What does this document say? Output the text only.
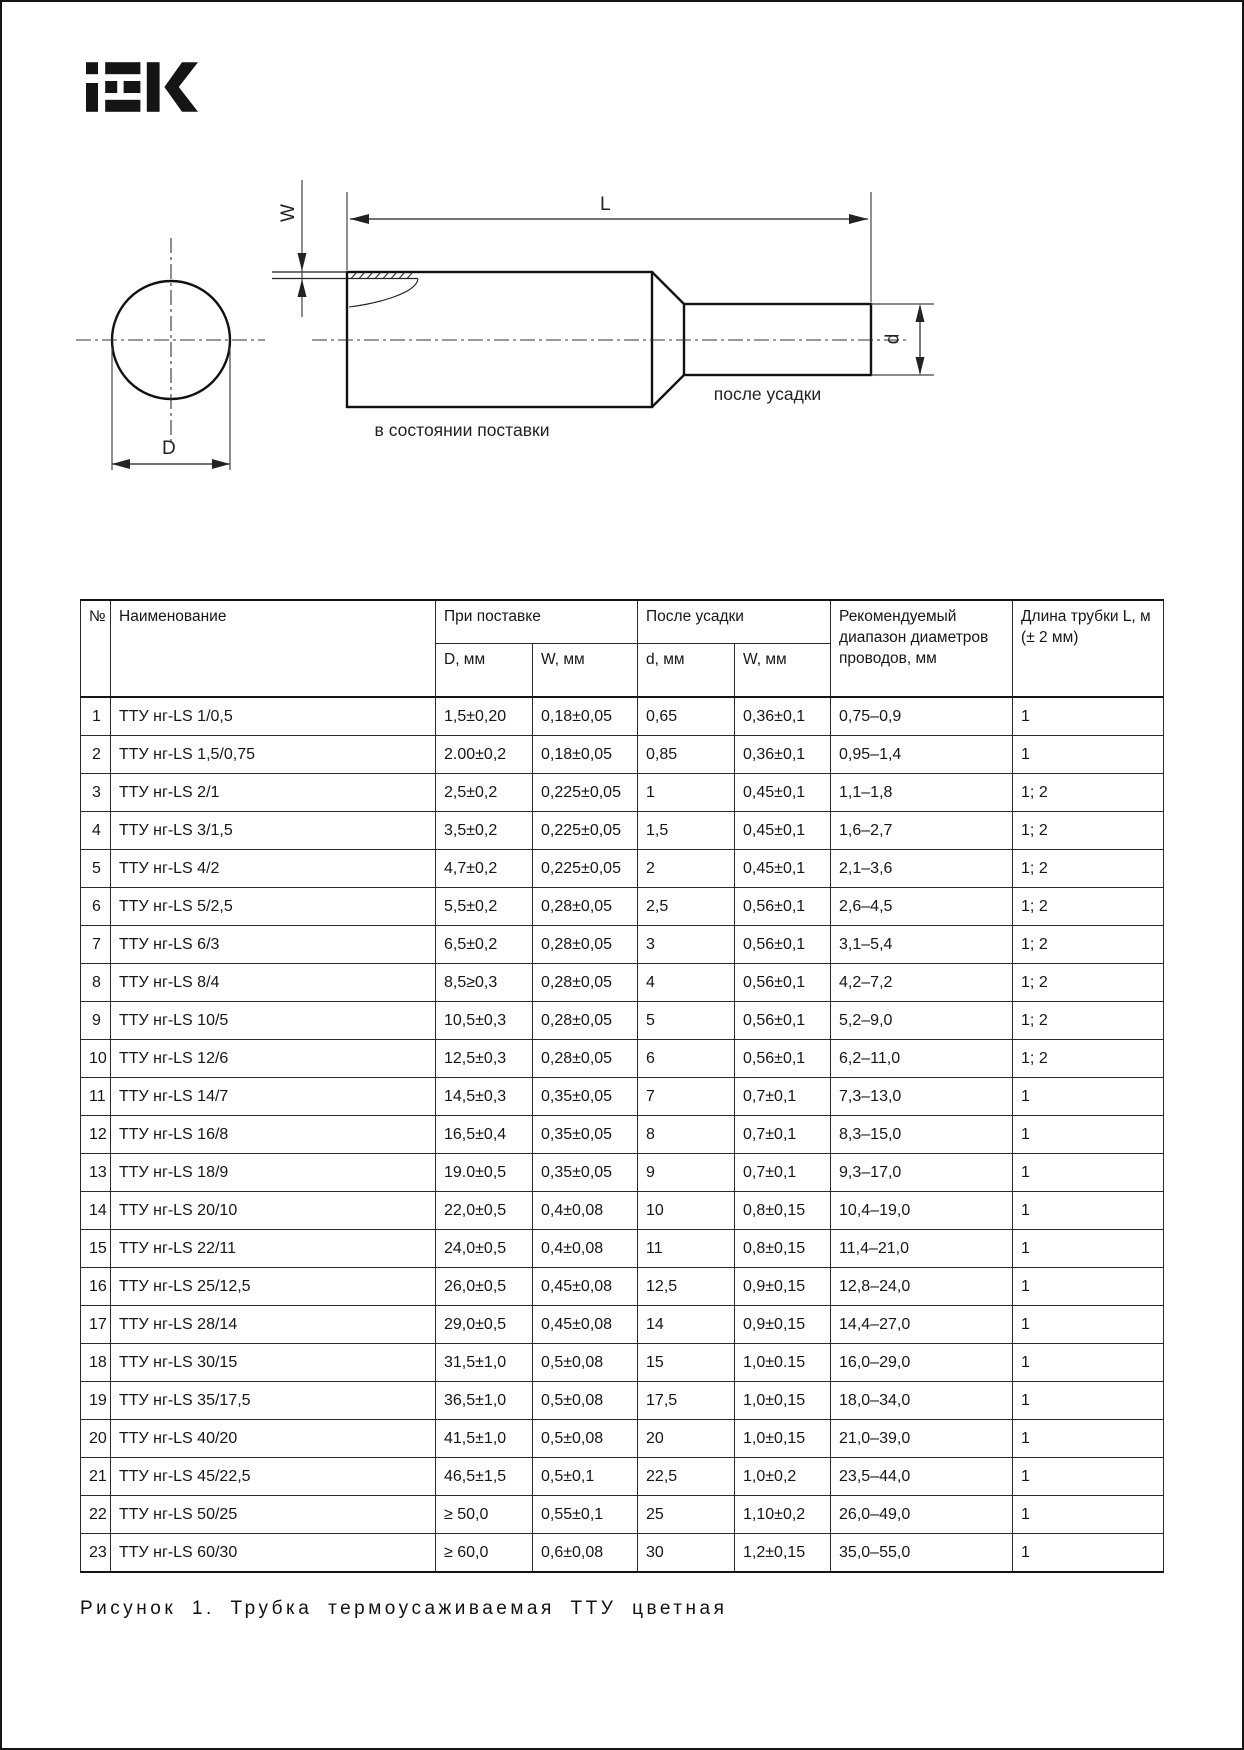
W	L
D
d
в состоянии поставки
после усадки
№	Наименование	При поставке		После усадки		Рекомендуемый диапазон диаметров проводов, мм	Длина трубки L, м (± 2 мм)
		D, мм	W, мм	d, мм	W, мм		
1	ТТУ нг-LS 1/0,5	1,5±0,20	0,18±0,05	0,65	0,36±0,1	0,75–0,9	1
2	ТТУ нг-LS 1,5/0,75	2.00±0,2	0,18±0,05	0,85	0,36±0,1	0,95–1,4	1
3	ТТУ нг-LS 2/1	2,5±0,2	0,225±0,05	1	0,45±0,1	1,1–1,8	1; 2
4	ТТУ нг-LS 3/1,5	3,5±0,2	0,225±0,05	1,5	0,45±0,1	1,6–2,7	1; 2
5	ТТУ нг-LS 4/2	4,7±0,2	0,225±0,05	2	0,45±0,1	2,1–3,6	1; 2
6	ТТУ нг-LS 5/2,5	5,5±0,2	0,28±0,05	2,5	0,56±0,1	2,6–4,5	1; 2
7	ТТУ нг-LS 6/3	6,5±0,2	0,28±0,05	3	0,56±0,1	3,1–5,4	1; 2
8	ТТУ нг-LS 8/4	8,5≥0,3	0,28±0,05	4	0,56±0,1	4,2–7,2	1; 2
9	ТТУ нг-LS 10/5	10,5±0,3	0,28±0,05	5	0,56±0,1	5,2–9,0	1; 2
10	ТТУ нг-LS 12/6	12,5±0,3	0,28±0,05	6	0,56±0,1	6,2–11,0	1; 2
11	ТТУ нг-LS 14/7	14,5±0,3	0,35±0,05	7	0,7±0,1	7,3–13,0	1
12	ТТУ нг-LS 16/8	16,5±0,4	0,35±0,05	8	0,7±0,1	8,3–15,0	1
13	ТТУ нг-LS 18/9	19.0±0,5	0,35±0,05	9	0,7±0,1	9,3–17,0	1
14	ТТУ нг-LS 20/10	22,0±0,5	0,4±0,08	10	0,8±0,15	10,4–19,0	1
15	ТТУ нг-LS 22/11	24,0±0,5	0,4±0,08	11	0,8±0,15	11,4–21,0	1
16	ТТУ нг-LS 25/12,5	26,0±0,5	0,45±0,08	12,5	0,9±0,15	12,8–24,0	1
17	ТТУ нг-LS 28/14	29,0±0,5	0,45±0,08	14	0,9±0,15	14,4–27,0	1
18	ТТУ нг-LS 30/15	31,5±1,0	0,5±0,08	15	1,0±0.15	16,0–29,0	1
19	ТТУ нг-LS 35/17,5	36,5±1,0	0,5±0,08	17,5	1,0±0,15	18,0–34,0	1
20	ТТУ нг-LS 40/20	41,5±1,0	0,5±0,08	20	1,0±0,15	21,0–39,0	1
21	ТТУ нг-LS 45/22,5	46,5±1,5	0,5±0,1	22,5	1,0±0,2	23,5–44,0	1
22	ТТУ нг-LS 50/25	≥ 50,0	0,55±0,1	25	1,10±0,2	26,0–49,0	1
23	ТТУ нг-LS 60/30	≥ 60,0	0,6±0,08	30	1,2±0,15	35,0–55,0	1
Рисунок 1. Трубка термоусаживаемая ТТУ цветная
